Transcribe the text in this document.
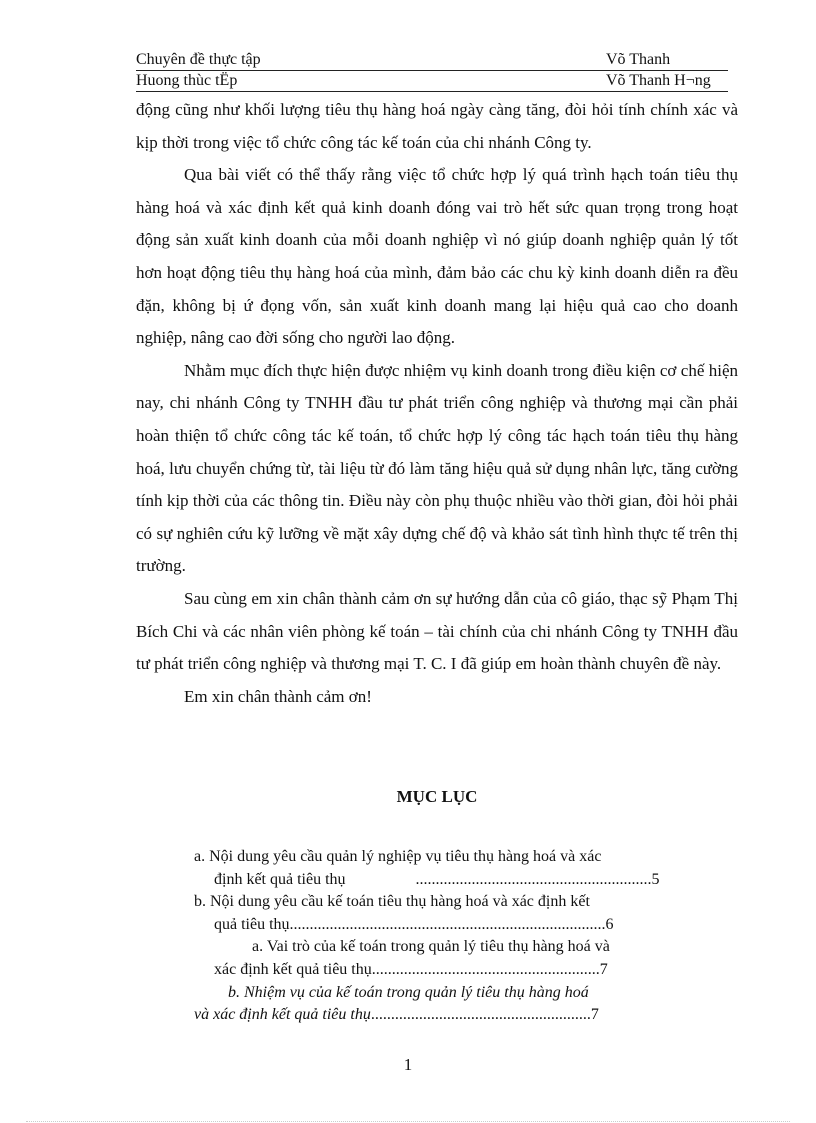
Chuyên đề thực tập	Võ Thanh
Huong thùc tËp	Võ Thanh H¬ng

động cũng như khối lượng tiêu thụ hàng hoá ngày càng tăng, đòi hỏi tính chính xác và kịp thời trong việc tổ chức công tác kế toán của chi nhánh Công ty.

Qua bài viết có thể thấy rằng việc tổ chức hợp lý quá trình hạch toán tiêu thụ hàng hoá và xác định kết quả kinh doanh đóng vai trò hết sức quan trọng trong hoạt động sản xuất kinh doanh của mỗi doanh nghiệp vì nó giúp doanh nghiệp quản lý tốt hơn hoạt động tiêu thụ hàng hoá của mình, đảm bảo các chu kỳ kinh doanh diễn ra đều đặn, không bị ứ đọng vốn, sản xuất kinh doanh mang lại hiệu quả cao cho doanh nghiệp, nâng cao đời sống cho người lao động.

Nhằm mục đích thực hiện được nhiệm vụ kinh doanh trong điều kiện cơ chế hiện nay, chi nhánh Công ty TNHH đầu tư phát triển công nghiệp và thương mại cần phải hoàn thiện tổ chức công tác kế toán, tổ chức hợp lý công tác hạch toán tiêu thụ hàng hoá, lưu chuyển chứng từ, tài liệu từ đó làm tăng hiệu quả sử dụng nhân lực, tăng cường tính kịp thời của các thông tin. Điều này còn phụ thuộc nhiều vào thời gian, đòi hỏi phải có sự nghiên cứu kỹ lưỡng về mặt xây dựng chế độ và khảo sát tình hình thực tế trên thị trường.

Sau cùng em xin chân thành cảm ơn sự hướng dẫn của cô giáo, thạc sỹ Phạm Thị Bích Chi và các nhân viên phòng kế toán – tài chính của chi nhánh Công ty TNHH đầu tư phát triển công nghiệp và thương mại T. C. I đã giúp em hoàn thành chuyên đề này.

Em xin chân thành cảm ơn!

MỤC LỤC
a. Nội dung yêu cầu quản lý nghiệp vụ tiêu thụ hàng hoá và xác
định kết quả tiêu thụ	........................................................... 5
b. Nội dung yêu cầu kế toán tiêu thụ hàng hoá và xác định kết
quả tiêu thụ. .............................................................................. 6
a. Vai trò của kế toán trong quản lý tiêu thụ hàng hoá và
xác định kết quả tiêu thụ. ........................................................ 7
b. Nhiệm vụ của kế toán trong quản lý tiêu thụ hàng hoá
và xác định kết quả tiêu thụ ....................................................... 7
1
